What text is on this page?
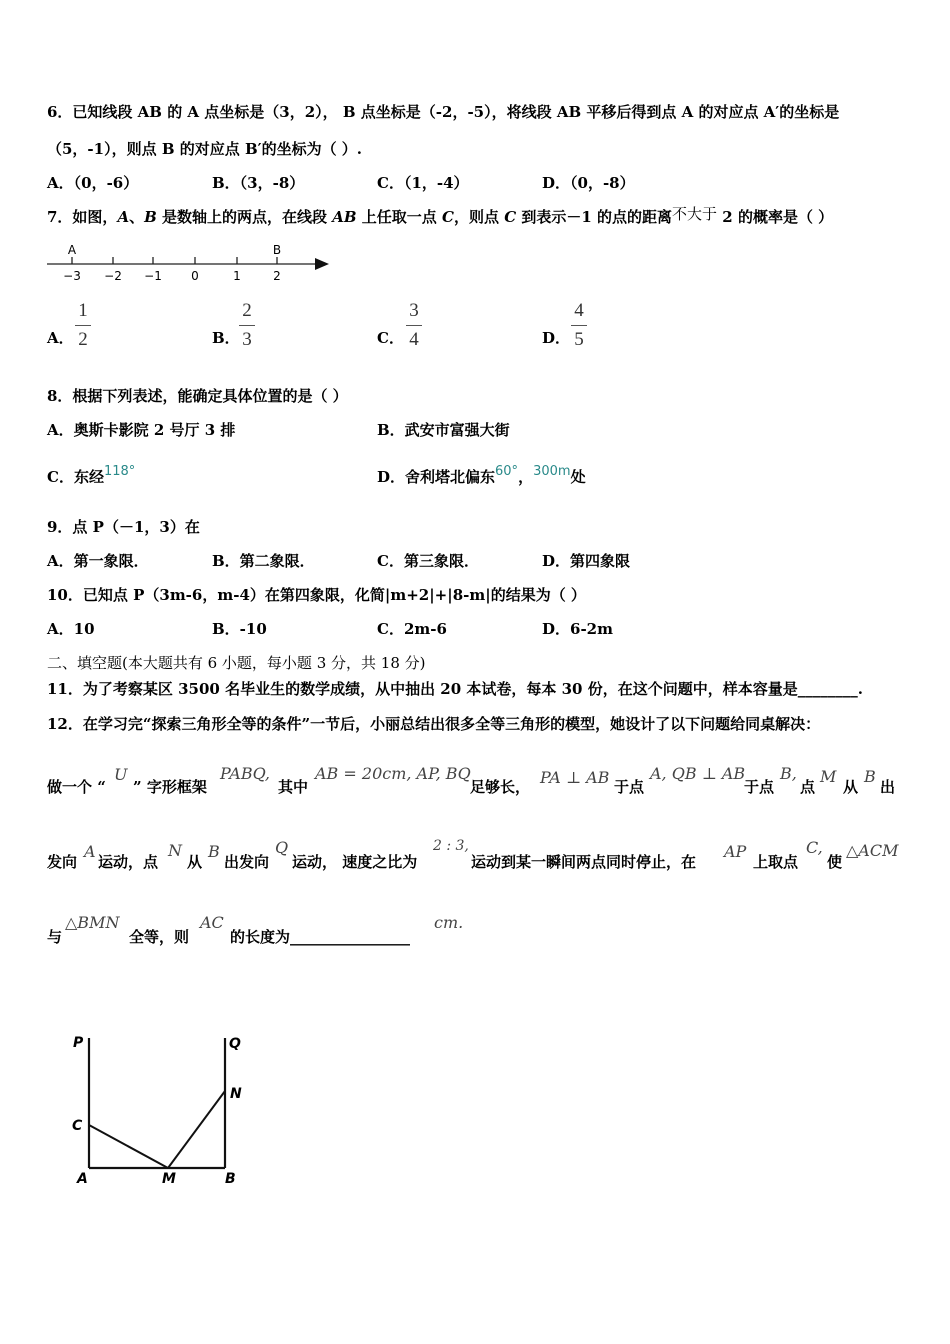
6．已知线段 AB 的 A 点坐标是（3，2）， B 点坐标是（-2，-5），将线段 AB 平移后得到点 A 的对应点 A′的坐标是
（5，-1），则点 B 的对应点 B′的坐标为（ ）.
A．（0，-6）	B．（3，-8）	C．（1，-4）	D．（0，-8）
7．如图，A、B 是数轴上的两点，在线段 AB 上任取一点 C，则点 C 到表示－1 的点的距离不大于 2 的概率是（ ）
A	B
−3 −2 −1 0	1	2
A．
1
2	B．
2
3	C．
3
4	D．
4
5
8．根据下列表述，能确定具体位置的是（ ）
A．奥斯卡影院 2 号厅 3 排	B．武安市富强大街
C．东经118°	D．舍利塔北偏东60°，300m处
9．点 P（－1，3）在
A．第一象限．	B．第二象限．	C．第三象限．	D．第四象限
10．已知点 P（3m-6，m-4）在第四象限，化简|m+2|+|8-m|的结果为（ ）
A．10	B．-10	C．2m-6	D．6-2m
二、填空题(本大题共有 6 小题，每小题 3 分，共 18 分)
11．为了考察某区 3500 名毕业生的数学成绩，从中抽出 20 本试卷，每本 30 份，在这个问题中，样本容量是________.
12．在学习完“探索三角形全等的条件”一节后，小丽总结出很多全等三角形的模型，她设计了以下问题给同桌解决：
做一个 “
U
” 字形框架
PABQ,
其中
AB = 20cm, AP, BQ
足够长， PA ⊥ AB 于点
A, QB ⊥ AB
于点
B,
点
M
从
B
出
发向
A
运动，点
N
从
B
出发向
Q
运动， 速度之比为
2 : 3,
运动到某一瞬间两点同时停止，在
AP
上取点
C,
使
△ACM
与
△BMN
全等，则
AC
的长度为________________
cm.
P	Q
N
C
A	M	B
